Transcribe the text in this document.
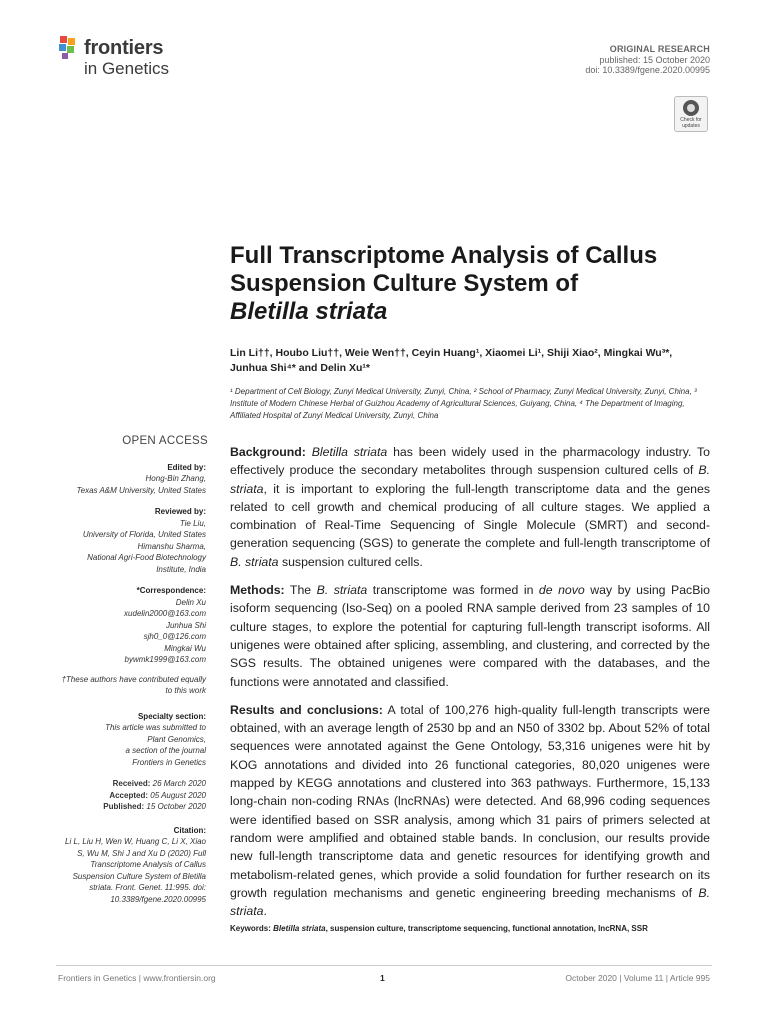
frontiers
in Genetics
ORIGINAL RESEARCH
published: 15 October 2020
doi: 10.3389/fgene.2020.00995
Check for updates
Full Transcriptome Analysis of Callus Suspension Culture System of
Bletilla striata
Lin Li††, Houbo Liu††, Weie Wen††, Ceyin Huang¹, Xiaomei Li¹, Shiji Xiao², Mingkai Wu³*, Junhua Shi⁴* and Delin Xu¹*
¹ Department of Cell Biology, Zunyi Medical University, Zunyi, China, ² School of Pharmacy, Zunyi Medical University, Zunyi, China, ³ Institute of Modern Chinese Herbal of Guizhou Academy of Agricultural Sciences, Guiyang, China, ⁴ The Department of Imaging, Affiliated Hospital of Zunyi Medical University, Zunyi, China
OPEN ACCESS
Edited by:
Hong-Bin Zhang,
Texas A&M University, United States
Reviewed by:
Tie Liu,
University of Florida, United States
Himanshu Sharma,
National Agri-Food Biotechnology
Institute, India
*Correspondence:
Delin Xu
xudelin2000@163.com
Junhua Shi
sjh0_0@126.com
Mingkai Wu
bywmk1999@163.com
†These authors have contributed equally to this work
Specialty section:
This article was submitted to
Plant Genomics,
a section of the journal
Frontiers in Genetics
Received: 26 March 2020
Accepted: 05 August 2020
Published: 15 October 2020
Citation:
Li L, Liu H, Wen W, Huang C, Li X, Xiao S, Wu M, Shi J and Xu D (2020) Full Transcriptome Analysis of Callus Suspension Culture System of Bletilla striata. Front. Genet. 11:995. doi: 10.3389/fgene.2020.00995

Background: Bletilla striata has been widely used in the pharmacology industry. To effectively produce the secondary metabolites through suspension cultured cells of B. striata, it is important to exploring the full-length transcriptome data and the genes related to cell growth and chemical producing of all culture stages. We applied a combination of Real-Time Sequencing of Single Molecule (SMRT) and second-generation sequencing (SGS) to generate the complete and full-length transcriptome of B. striata suspension cultured cells.

Methods: The B. striata transcriptome was formed in de novo way by using PacBio isoform sequencing (Iso-Seq) on a pooled RNA sample derived from 23 samples of 10 culture stages, to explore the potential for capturing full-length transcript isoforms. All unigenes were obtained after splicing, assembling, and clustering, and corrected by the SGS results. The obtained unigenes were compared with the databases, and the functions were annotated and classified.

Results and conclusions: A total of 100,276 high-quality full-length transcripts were obtained, with an average length of 2530 bp and an N50 of 3302 bp. About 52% of total sequences were annotated against the Gene Ontology, 53,316 unigenes were hit by KOG annotations and divided into 26 functional categories, 80,020 unigenes were mapped by KEGG annotations and clustered into 363 pathways. Furthermore, 15,133 long-chain non-coding RNAs (lncRNAs) were detected. And 68,996 coding sequences were identified based on SSR analysis, among which 31 pairs of primers selected at random were amplified and obtained stable bands. In conclusion, our results provide new full-length transcriptome data and genetic resources for identifying growth and metabolism-related genes, which provide a solid foundation for further research on its growth regulation mechanisms and genetic engineering breeding mechanisms of B. striata.

Keywords: Bletilla striata, suspension culture, transcriptome sequencing, functional annotation, lncRNA, SSR
Frontiers in Genetics | www.frontiersin.org	1	October 2020 | Volume 11 | Article 995
